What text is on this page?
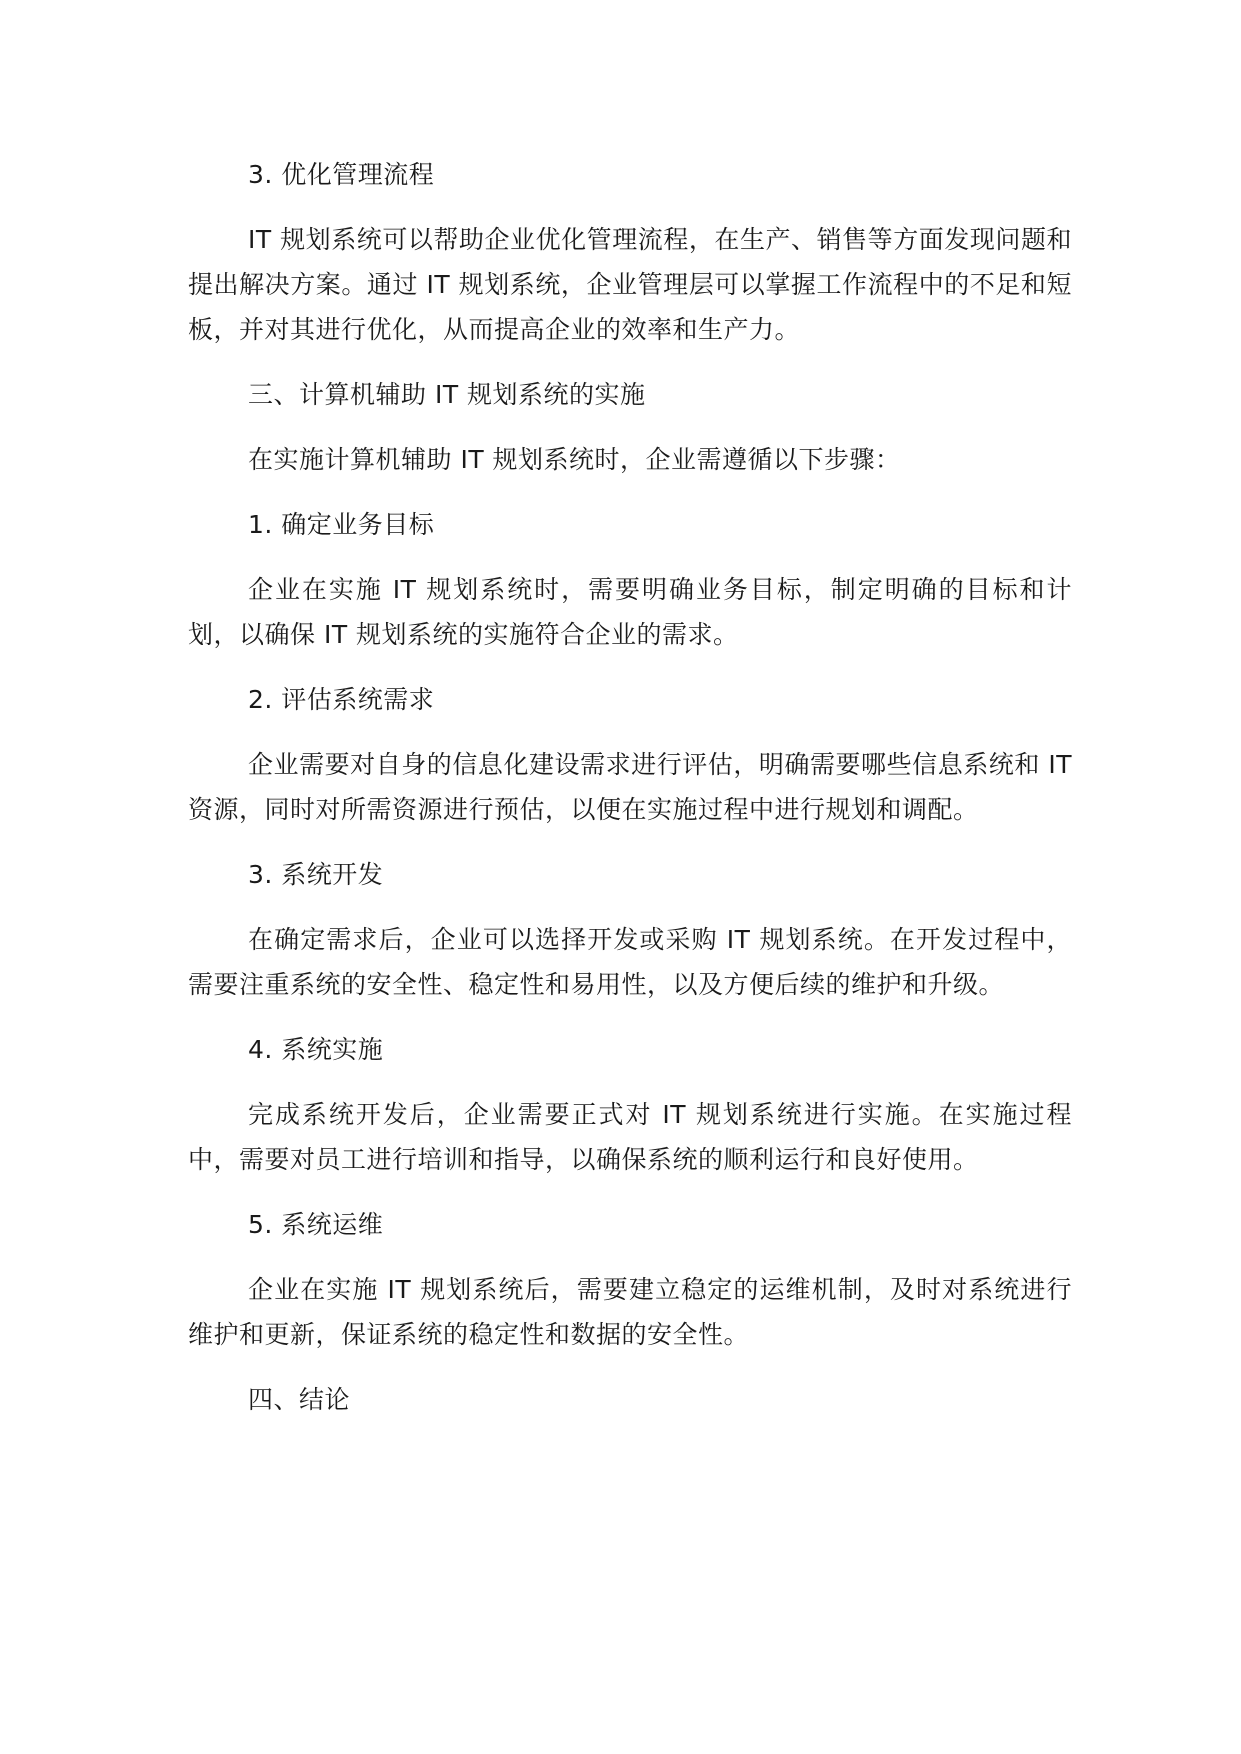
3. 优化管理流程

IT 规划系统可以帮助企业优化管理流程，在生产、销售等方面发现问题和提出解决方案。通过 IT 规划系统，企业管理层可以掌握工作流程中的不足和短板，并对其进行优化，从而提高企业的效率和生产力。

三、计算机辅助 IT 规划系统的实施
在实施计算机辅助 IT 规划系统时，企业需遵循以下步骤：
1. 确定业务目标

企业在实施 IT 规划系统时，需要明确业务目标，制定明确的目标和计划，以确保 IT 规划系统的实施符合企业的需求。

2. 评估系统需求

企业需要对自身的信息化建设需求进行评估，明确需要哪些信息系统和 IT 资源，同时对所需资源进行预估，以便在实施过程中进行规划和调配。

3. 系统开发

在确定需求后，企业可以选择开发或采购 IT 规划系统。在开发过程中，需要注重系统的安全性、稳定性和易用性，以及方便后续的维护和升级。

4. 系统实施

完成系统开发后，企业需要正式对 IT 规划系统进行实施。在实施过程中，需要对员工进行培训和指导，以确保系统的顺利运行和良好使用。

5. 系统运维

企业在实施 IT 规划系统后，需要建立稳定的运维机制，及时对系统进行维护和更新，保证系统的稳定性和数据的安全性。

四、结论
